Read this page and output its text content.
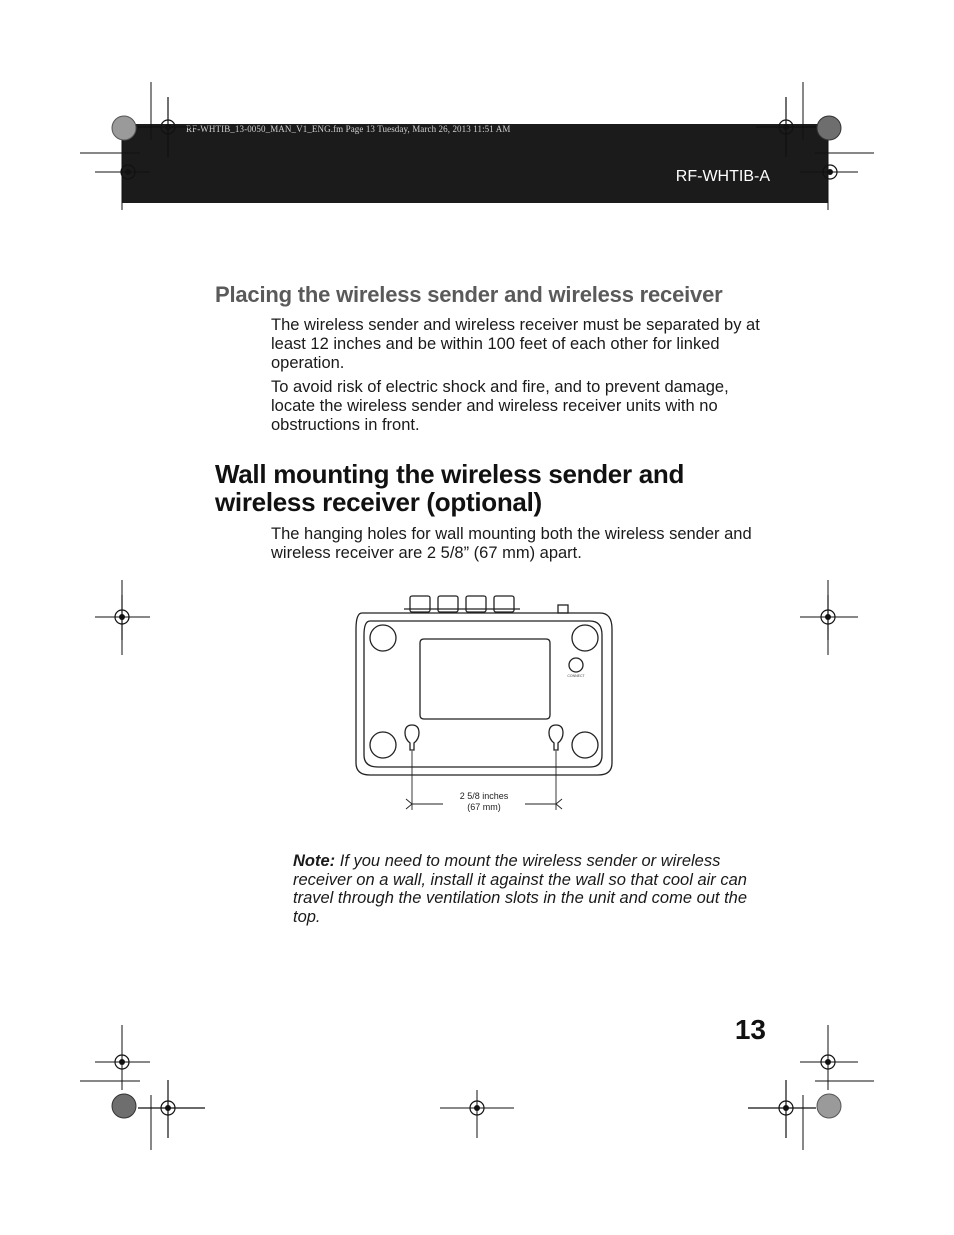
RF-WHTIB_13-0050_MAN_V1_ENG.fm Page 13 Tuesday, March 26, 2013 11:51 AM
RF-WHTIB-A
Placing the wireless sender and wireless receiver
The wireless sender and wireless receiver must be separated by at least 12 inches and be within 100 feet of each other for linked operation.
To avoid risk of electric shock and fire, and to prevent damage, locate the wireless sender and wireless receiver units with no obstructions in front.
Wall mounting the wireless sender and wireless receiver (optional)
The hanging holes for wall mounting both the wireless sender and wireless receiver are 2 5/8” (67 mm) apart.
2 5/8 inches
(67 mm)
CONNECT
Note: If you need to mount the wireless sender or wireless receiver on a wall, install it against the wall so that cool air can travel through the ventilation slots in the unit and come out the top.
13
